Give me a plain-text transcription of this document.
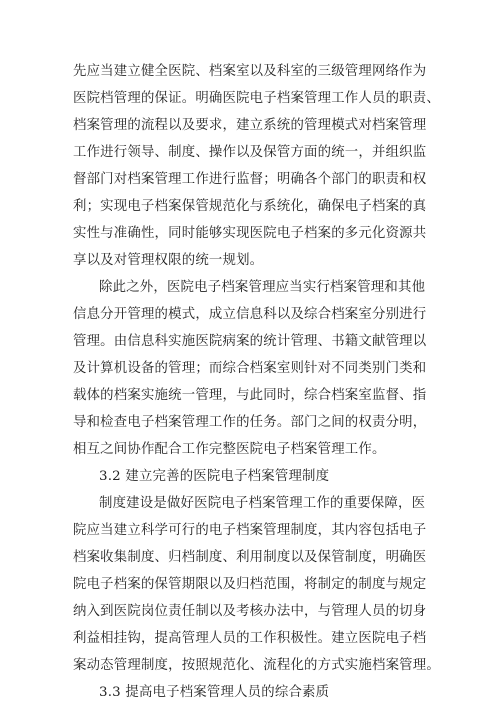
先应当建立健全医院、档案室以及科室的三级管理网络作为
医院档管理的保证。明确医院电子档案管理工作人员的职责、
档案管理的流程以及要求，建立系统的管理模式对档案管理
工作进行领导、制度、操作以及保管方面的统一，并组织监
督部门对档案管理工作进行监督；明确各个部门的职责和权
利；实现电子档案保管规范化与系统化，确保电子档案的真
实性与准确性，同时能够实现医院电子档案的多元化资源共
享以及对管理权限的统一规划。
除此之外，医院电子档案管理应当实行档案管理和其他
信息分开管理的模式，成立信息科以及综合档案室分别进行
管理。由信息科实施医院病案的统计管理、书籍文献管理以
及计算机设备的管理；而综合档案室则针对不同类别门类和
载体的档案实施统一管理，与此同时，综合档案室监督、指
导和检查电子档案管理工作的任务。部门之间的权责分明，
相互之间协作配合工作完整医院电子档案管理工作。
3.2 建立完善的医院电子档案管理制度
制度建设是做好医院电子档案管理工作的重要保障，医
院应当建立科学可行的电子档案管理制度，其内容包括电子
档案收集制度、归档制度、利用制度以及保管制度，明确医
院电子档案的保管期限以及归档范围，将制定的制度与规定
纳入到医院岗位责任制以及考核办法中，与管理人员的切身
利益相挂钩，提高管理人员的工作积极性。建立医院电子档
案动态管理制度，按照规范化、流程化的方式实施档案管理。
3.3 提高电子档案管理人员的综合素质
